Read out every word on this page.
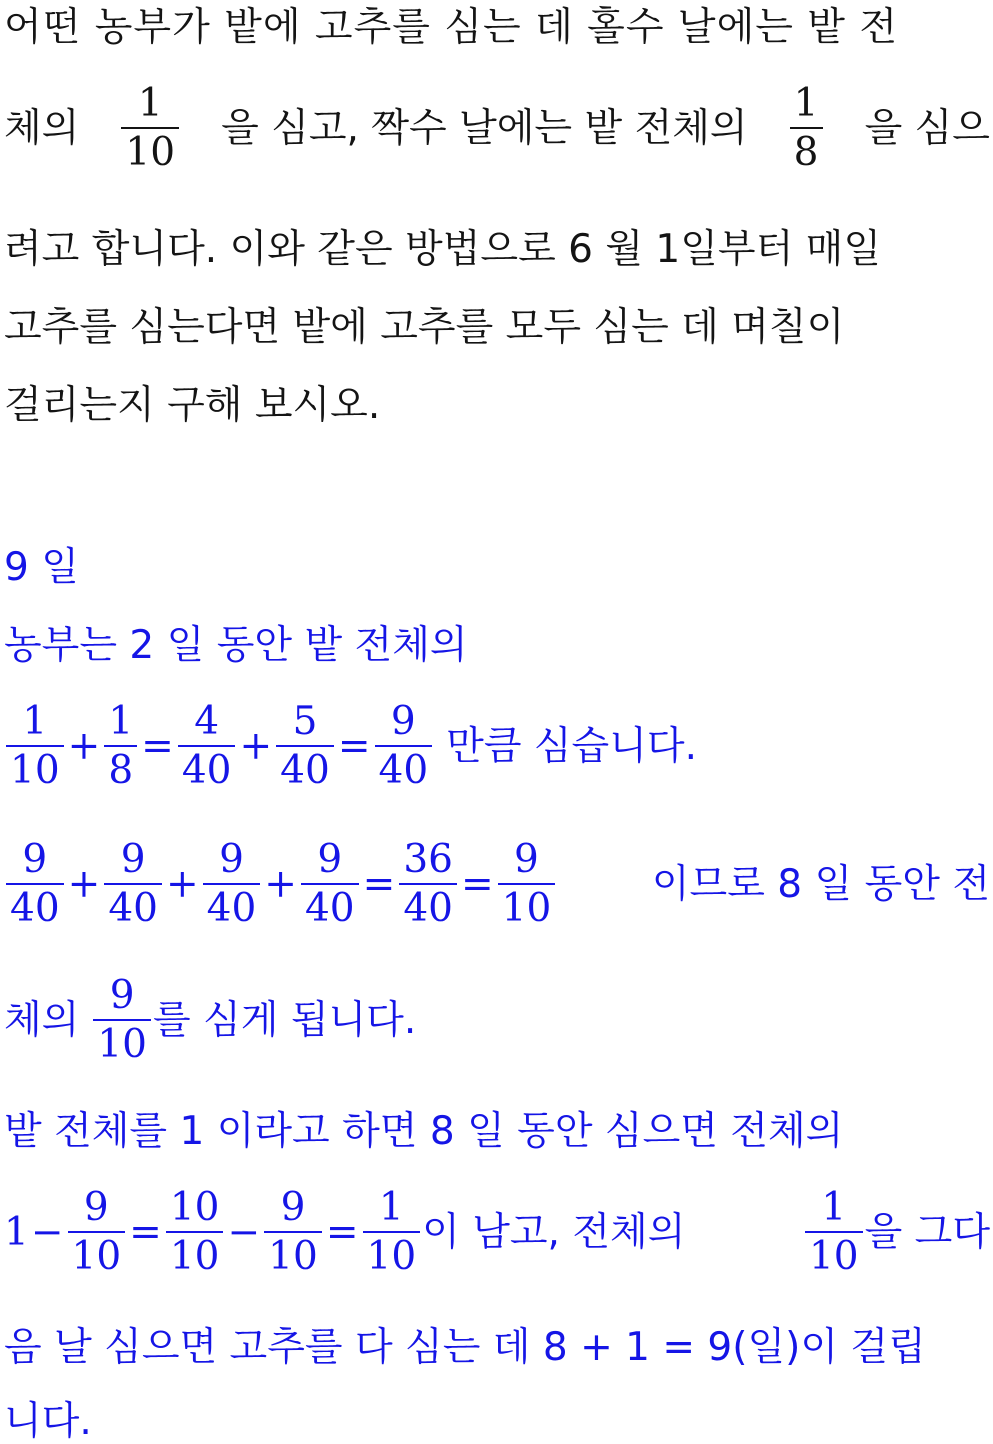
어떤 농부가 밭에 고추를 심는 데 홀수 날에는 밭 전
체의 $\frac{1}{10}$ 을 심고, 짝수 날에는 밭 전체의 $\frac{1}{8}$ 을 심으
려고 합니다. 이와 같은 방법으로 6 월 1일부터 매일
고추를 심는다면 밭에 고추를 모두 심는 데 며칠이
걸리는지 구해 보시오.
9 일
농부는 2 일 동안 밭 전체의
$\frac{1}{10} + \frac{1}{8} = \frac{4}{40} + \frac{5}{40} = \frac{9}{40}$ 만큼 심습니다.
$\frac{9}{40} + \frac{9}{40} + \frac{9}{40} + \frac{9}{40} = \frac{36}{40} = \frac{9}{10}$ 이므로 8 일 동안 전
체의 $\frac{9}{10}$ 를 심게 됩니다.
밭 전체를 1 이라고 하면 8 일 동안 심으면 전체의
$1 - \frac{9}{10} = \frac{10}{10} - \frac{9}{10} = \frac{1}{10}$ 이 남고, 전체의	$\frac{1}{10}$ 을 그다
음 날 심으면 고추를 다 심는 데 8 + 1 = 9(일)이 걸립
니다.
